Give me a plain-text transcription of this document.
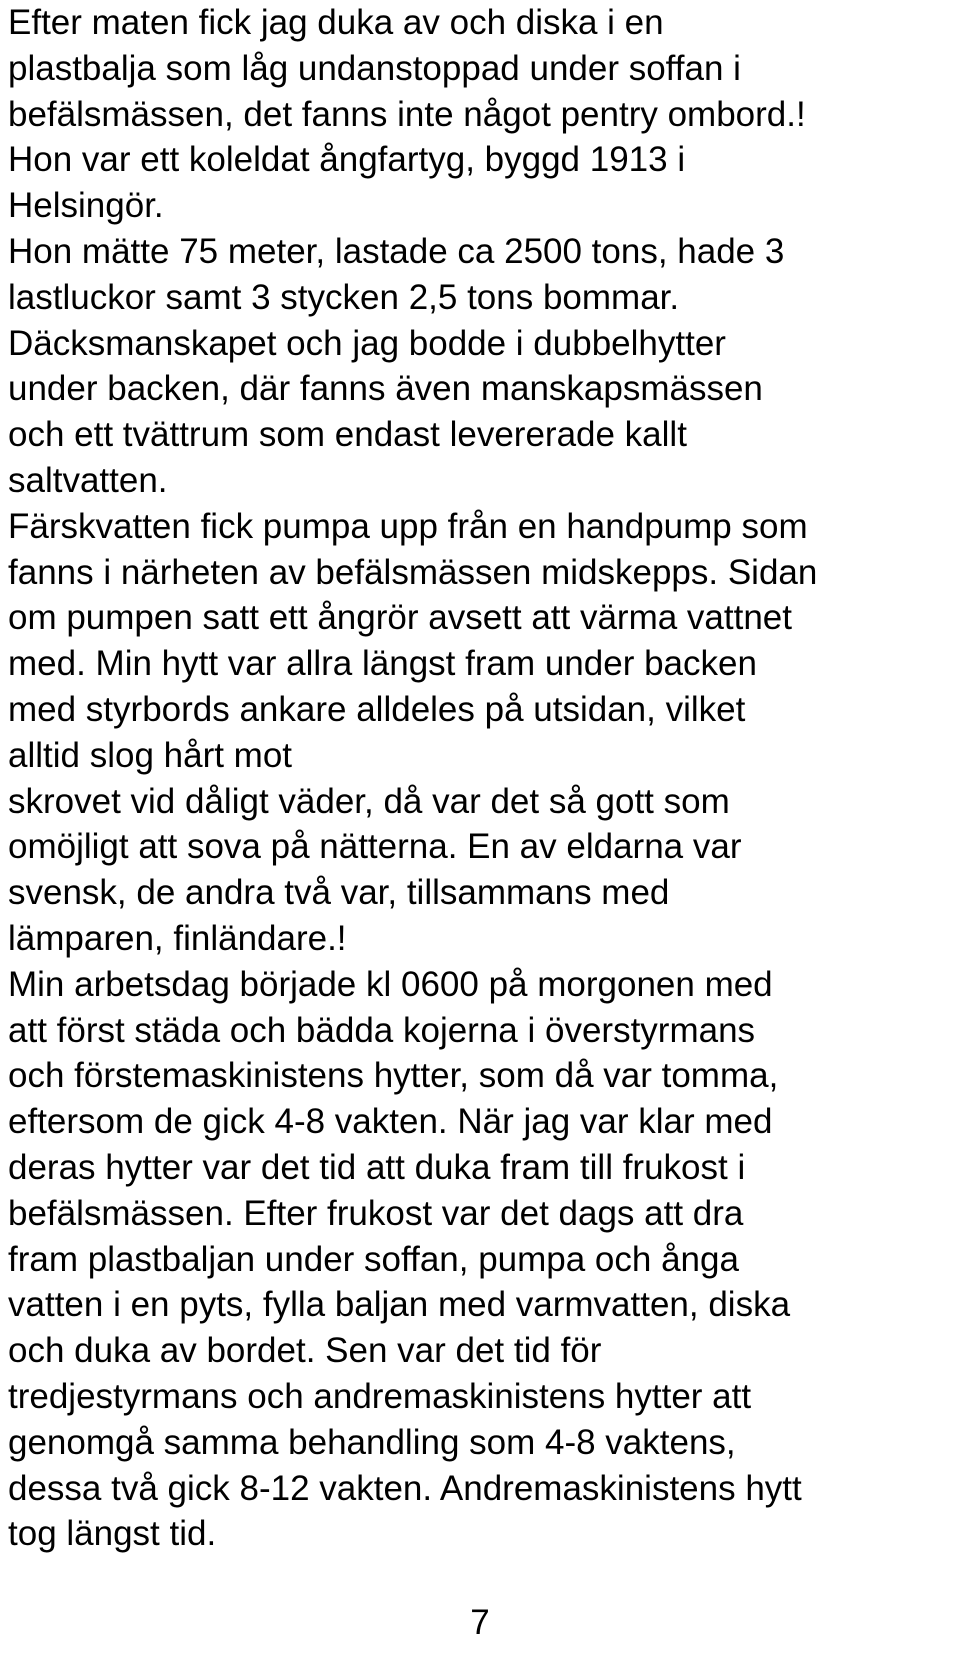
Efter maten fick jag duka av och diska i en
plastbalja som låg undanstoppad under soffan i
befälsmässen, det fanns inte något pentry ombord.!
Hon var ett koleldat ångfartyg, byggd 1913 i
Helsingör.
Hon mätte 75 meter, lastade ca 2500 tons, hade 3
lastluckor samt 3 stycken 2,5 tons bommar.
Däcksmanskapet och jag bodde i dubbelhytter
under backen, där fanns även manskapsmässen
och ett tvättrum som endast levererade kallt
saltvatten.
Färskvatten fick pumpa upp från en handpump som
fanns i närheten av befälsmässen midskepps. Sidan
om pumpen satt ett ångrör avsett att värma vattnet
med. Min hytt var allra längst fram under backen
med styrbords ankare alldeles på utsidan, vilket
alltid slog hårt mot
skrovet vid dåligt väder, då var det så gott som
omöjligt att sova på nätterna. En av eldarna var
svensk, de andra två var, tillsammans med
lämparen, finländare.!
Min arbetsdag började kl 0600 på morgonen med
att först städa och bädda kojerna i överstyrmans
och förstemaskinistens hytter, som då var tomma,
eftersom de gick 4-8 vakten. När jag var klar med
deras hytter var det tid att duka fram till frukost i
befälsmässen. Efter frukost var det dags att dra
fram plastbaljan under soffan, pumpa och ånga
vatten i en pyts, fylla baljan med varmvatten, diska
och duka av bordet. Sen var det tid för
tredjestyrmans och andremaskinistens hytter att
genomgå samma behandling som 4-8 vaktens,
dessa två gick 8-12 vakten. Andremaskinistens hytt
tog längst tid.
7
